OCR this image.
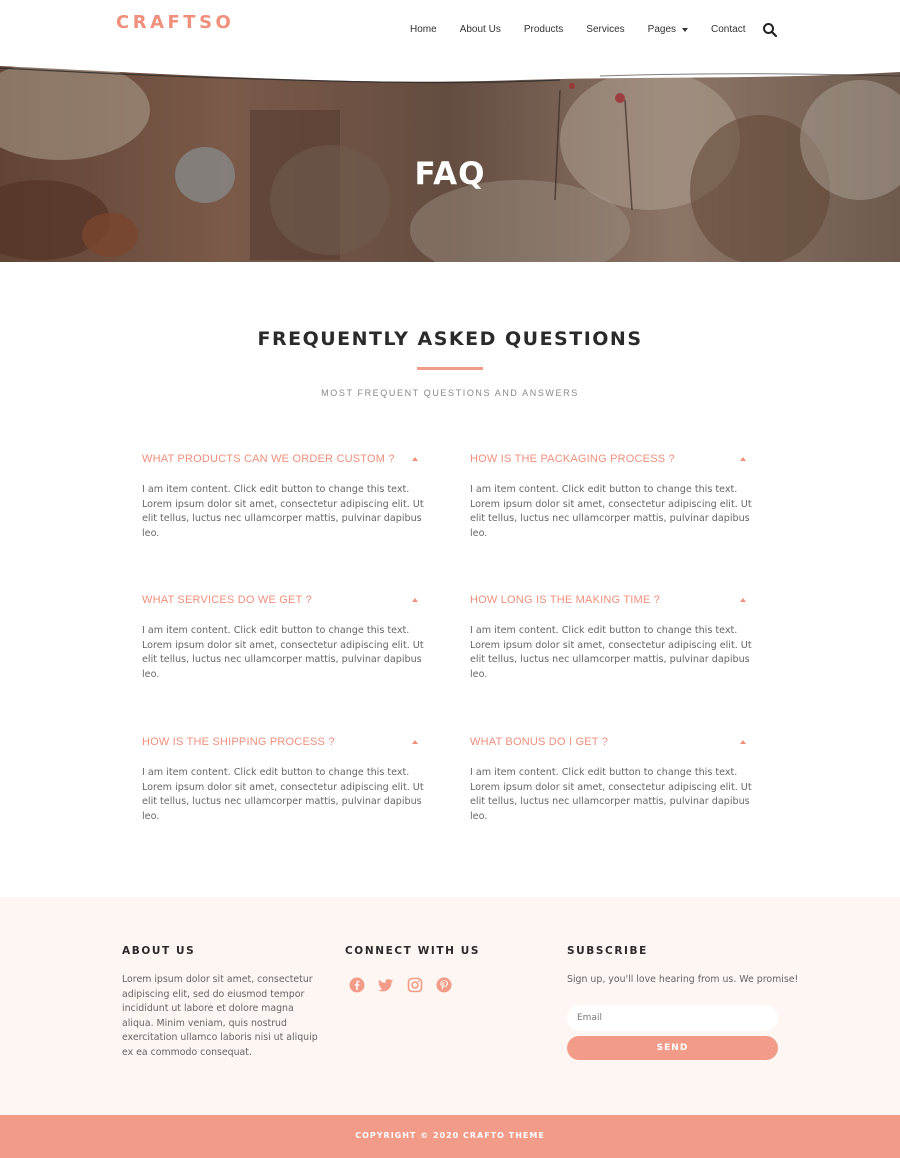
CRAFTSO	Home About Us Products Services Pages	Contact
FAQ
FREQUENTLY ASKED QUESTIONS
MOST FREQUENT QUESTIONS AND ANSWERS
WHAT PRODUCTS CAN WE ORDER CUSTOM ?

I am item content. Click edit button to change this text. Lorem ipsum dolor sit amet, consectetur adipiscing elit. Ut elit tellus, luctus nec ullamcorper mattis, pulvinar dapibus leo.

HOW IS THE PACKAGING PROCESS ?

I am item content. Click edit button to change this text. Lorem ipsum dolor sit amet, consectetur adipiscing elit. Ut elit tellus, luctus nec ullamcorper mattis, pulvinar dapibus leo.

WHAT SERVICES DO WE GET ?

I am item content. Click edit button to change this text. Lorem ipsum dolor sit amet, consectetur adipiscing elit. Ut elit tellus, luctus nec ullamcorper mattis, pulvinar dapibus leo.

HOW LONG IS THE MAKING TIME ?

I am item content. Click edit button to change this text. Lorem ipsum dolor sit amet, consectetur adipiscing elit. Ut elit tellus, luctus nec ullamcorper mattis, pulvinar dapibus leo.

HOW IS THE SHIPPING PROCESS ?

I am item content. Click edit button to change this text. Lorem ipsum dolor sit amet, consectetur adipiscing elit. Ut elit tellus, luctus nec ullamcorper mattis, pulvinar dapibus leo.

WHAT BONUS DO I GET ?

I am item content. Click edit button to change this text. Lorem ipsum dolor sit amet, consectetur adipiscing elit. Ut elit tellus, luctus nec ullamcorper mattis, pulvinar dapibus leo.

ABOUT US

Lorem ipsum dolor sit amet, consectetur adipiscing elit, sed do eiusmod tempor incididunt ut labore et dolore magna aliqua. Minim veniam, quis nostrud exercitation ullamco laboris nisi ut aliquip ex ea commodo consequat.

CONNECT WITH US	SUBSCRIBE

Sign up, you'll love hearing from us. We promise!

Email
SEND
COPYRIGHT © 2020 CRAFTO THEME
